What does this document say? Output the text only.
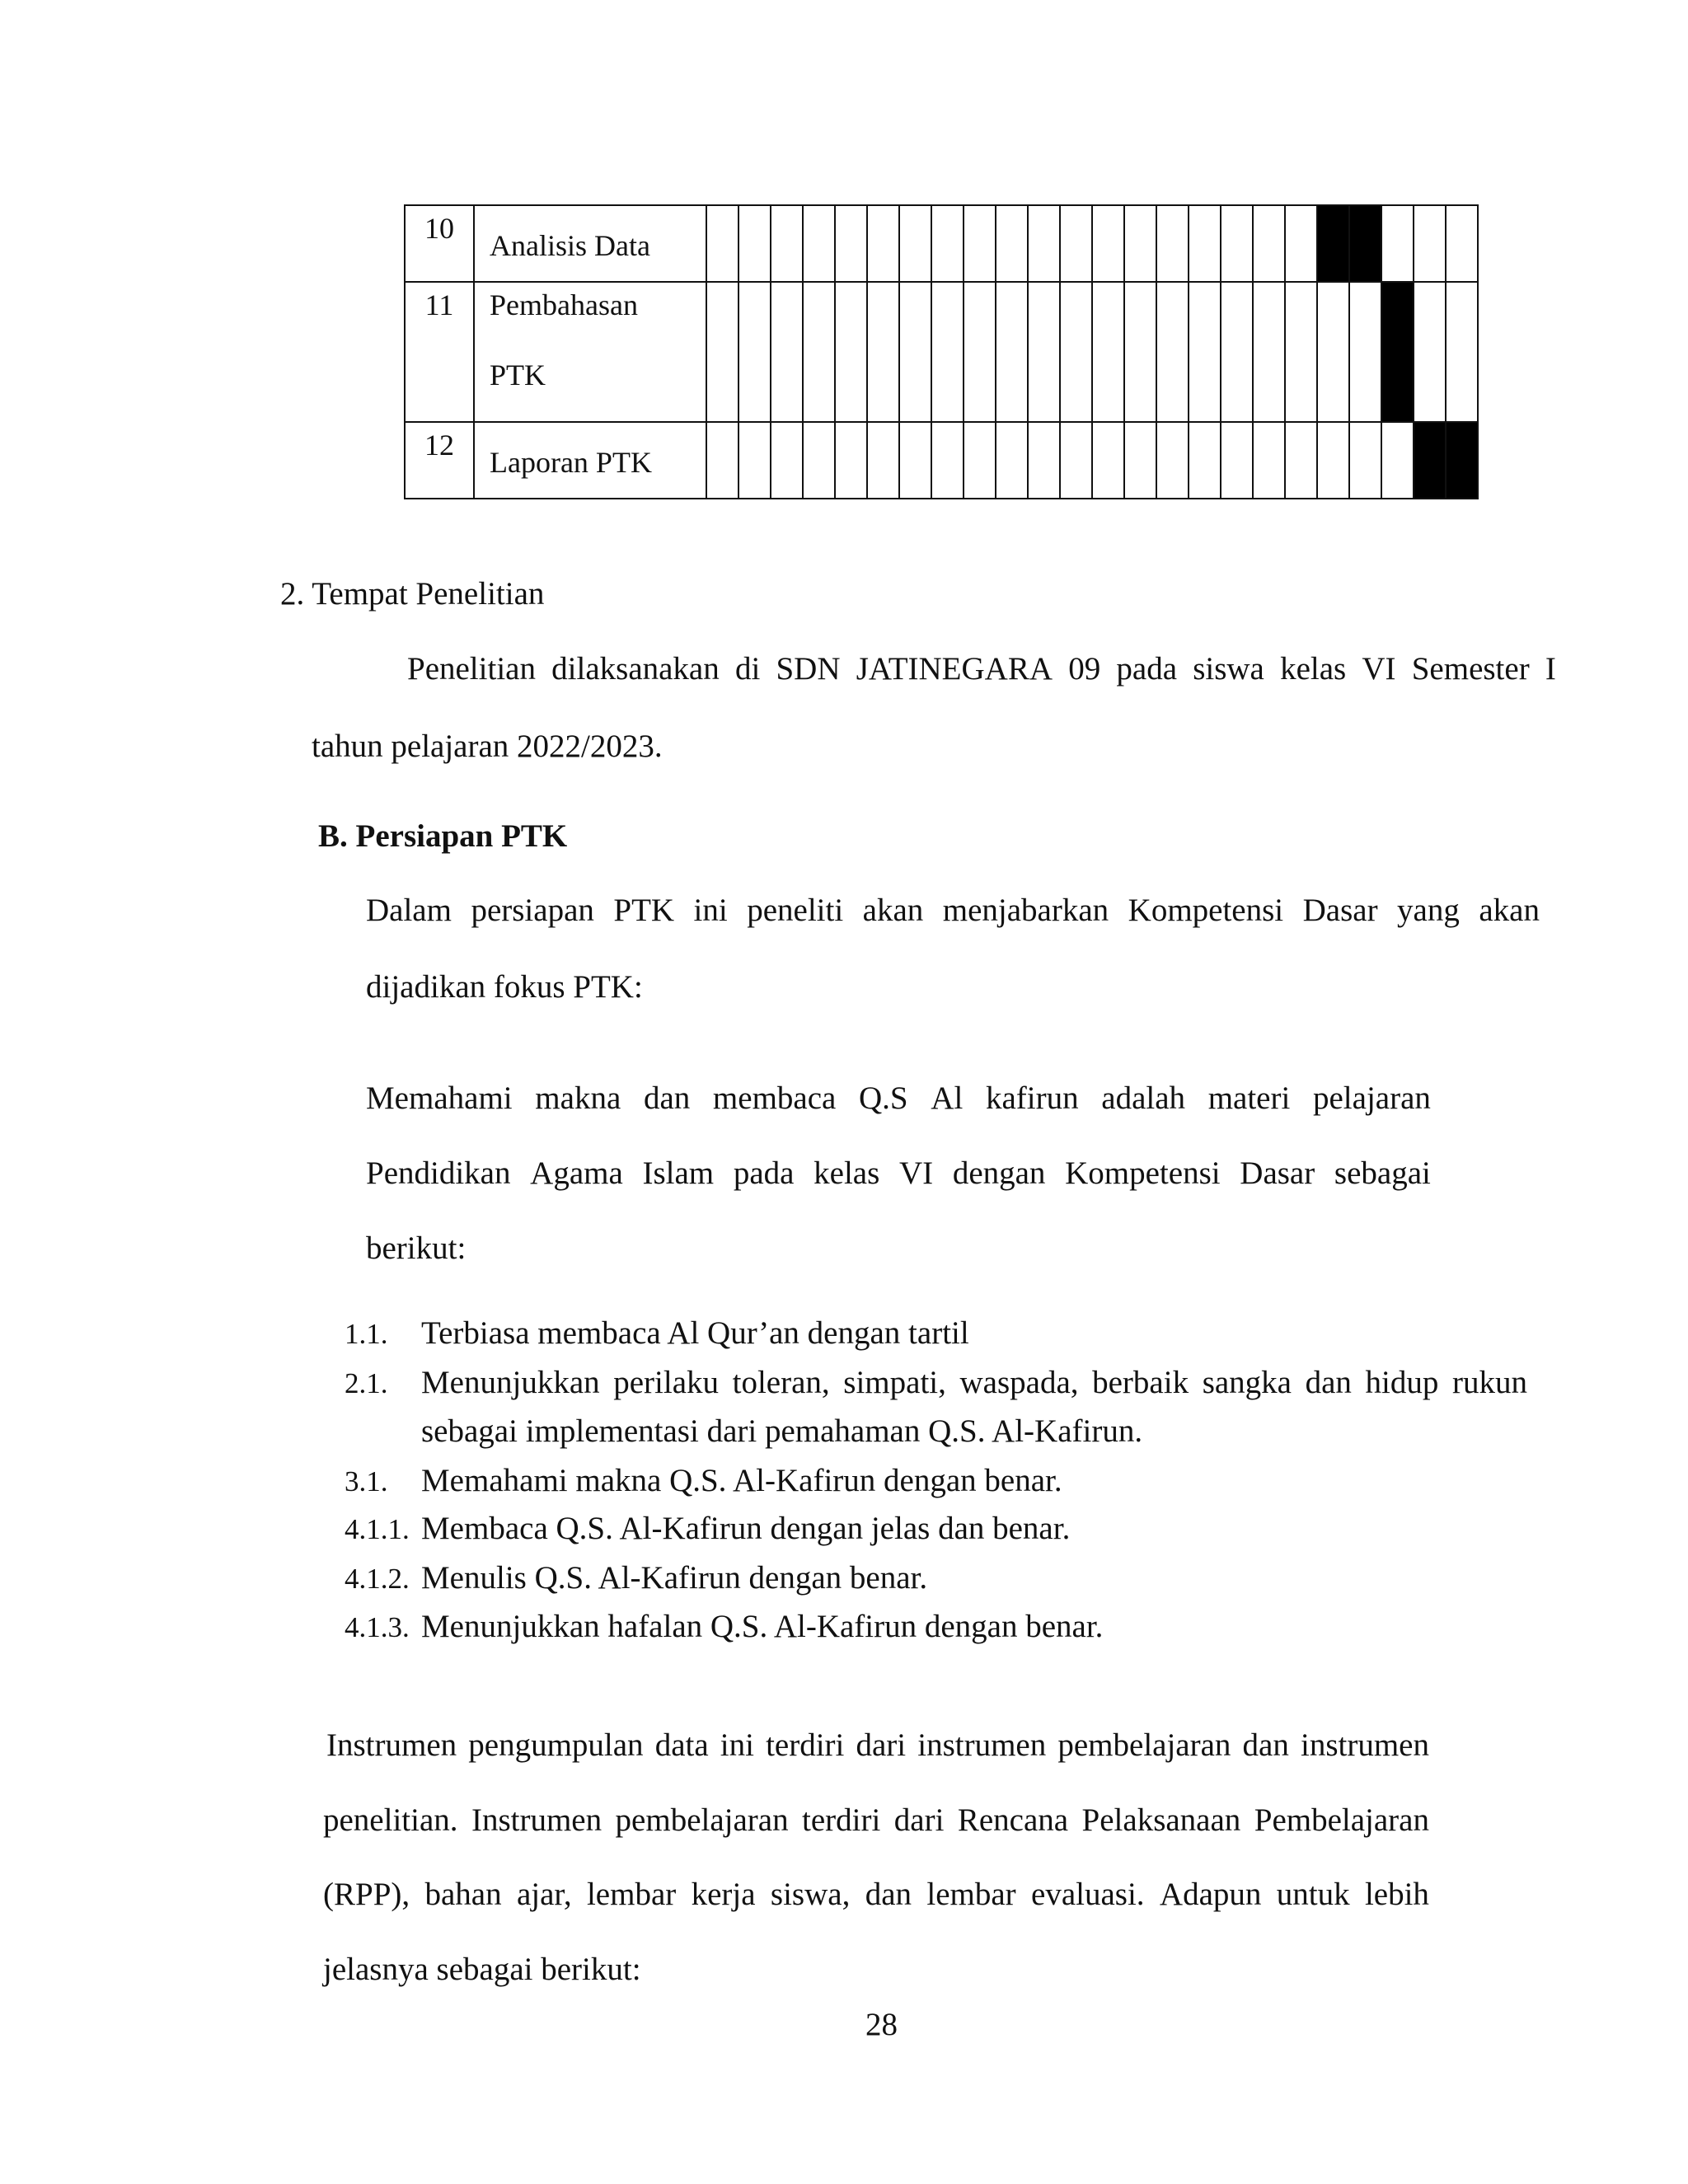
10	Analisis Data																								
11	Pembahasan
PTK																								

12	Laporan PTK																								
2. Tempat Penelitian
Penelitian dilaksanakan di SDN JATINEGARA 09 pada siswa kelas VI Semester I
tahun pelajaran 2022/2023.
B. Persiapan PTK
Dalam persiapan PTK ini peneliti akan menjabarkan Kompetensi Dasar yang akan
dijadikan fokus PTK:
Memahami makna dan membaca Q.S Al kafirun adalah materi pelajaran
Pendidikan Agama Islam pada kelas VI dengan Kompetensi Dasar sebagai
berikut:
1.1. Terbiasa membaca Al Qur’an dengan tartil
2.1. Menunjukkan perilaku toleran, simpati, waspada, berbaik sangka dan hidup rukun
sebagai implementasi dari pemahaman Q.S. Al-Kafirun.
3.1. Memahami makna Q.S. Al-Kafirun dengan benar.
4.1.1. Membaca Q.S. Al-Kafirun dengan jelas dan benar.
4.1.2. Menulis Q.S. Al-Kafirun dengan benar.
4.1.3. Menunjukkan hafalan Q.S. Al-Kafirun dengan benar.
Instrumen pengumpulan data ini terdiri dari instrumen pembelajaran dan instrumen
penelitian. Instrumen pembelajaran terdiri dari Rencana Pelaksanaan Pembelajaran
(RPP), bahan ajar, lembar kerja siswa, dan lembar evaluasi. Adapun untuk lebih
jelasnya sebagai berikut:
28
